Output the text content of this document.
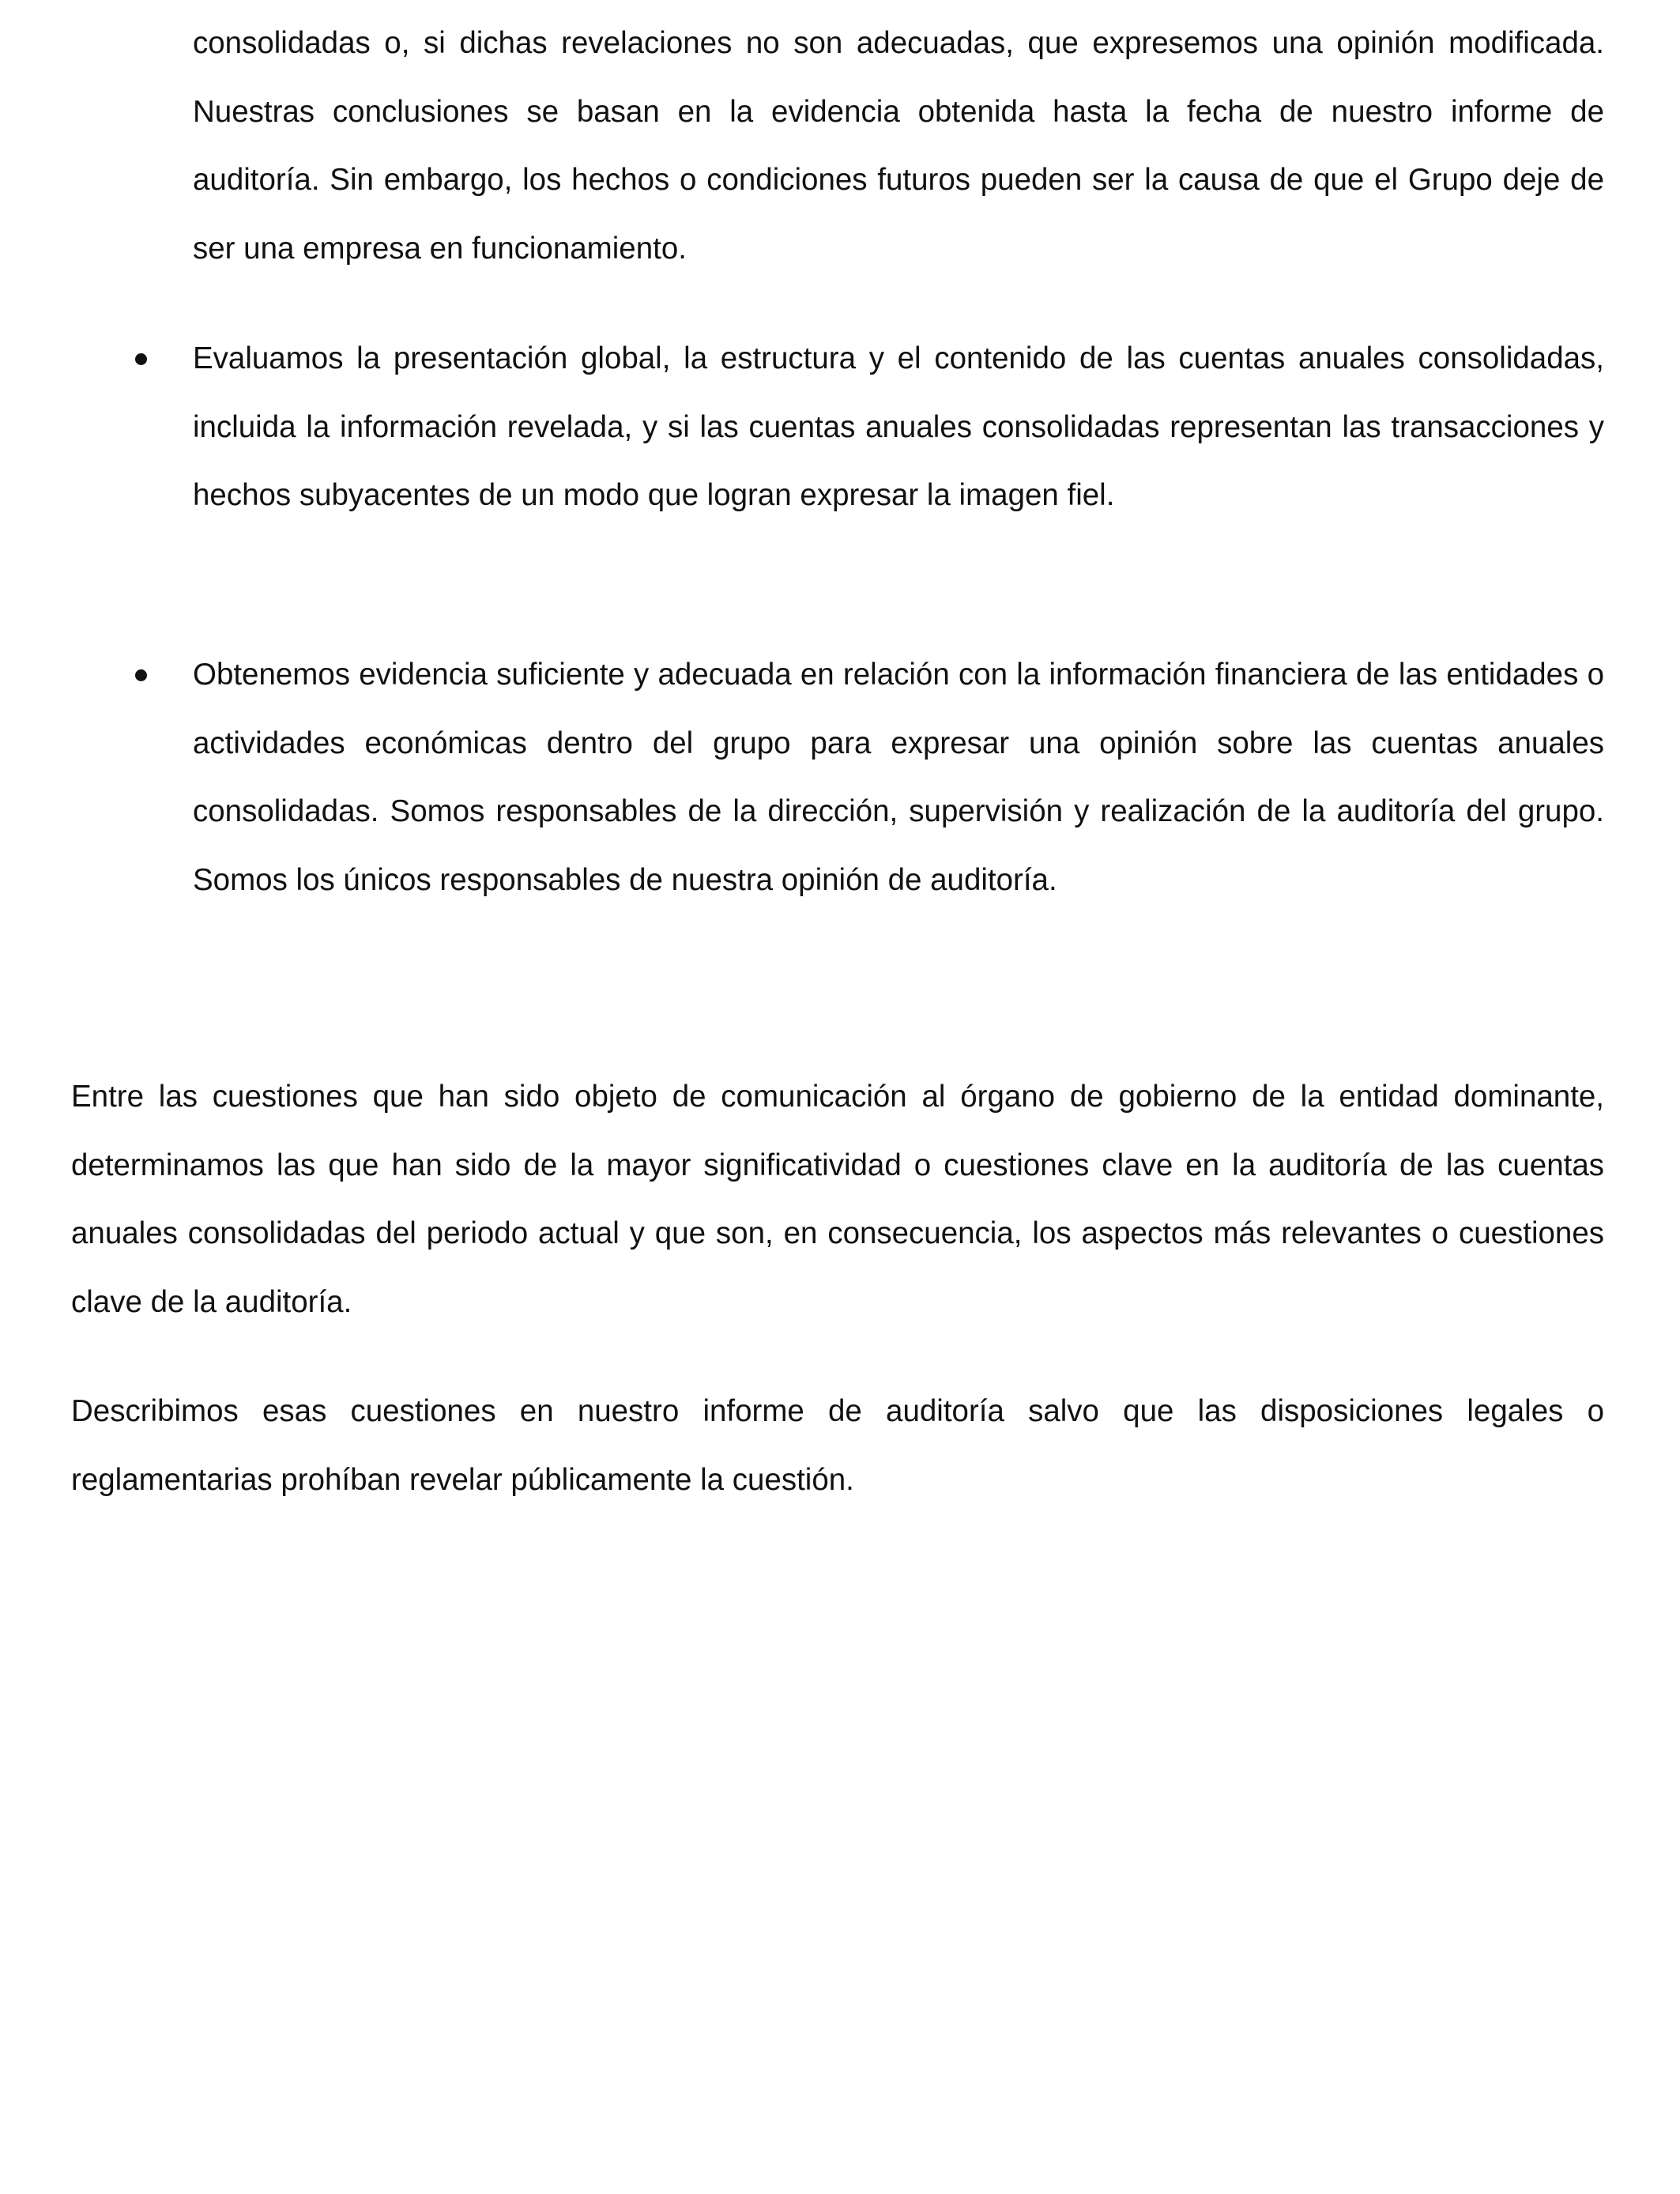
consolidadas o, si dichas revelaciones no son adecuadas, que expresemos una opinión modificada. Nuestras conclusiones se basan en la evidencia obtenida hasta la fecha de nuestro informe de auditoría. Sin embargo, los hechos o condiciones futuros pueden ser la causa de que el Grupo deje de ser una empresa en funcionamiento.

Evaluamos la presentación global, la estructura y el contenido de las cuentas anuales consolidadas, incluida la información revelada, y si las cuentas anuales consolidadas representan las transacciones y hechos subyacentes de un modo que logran expresar la imagen fiel.

Obtenemos evidencia suficiente y adecuada en relación con la información financiera de las entidades o actividades económicas dentro del grupo para expresar una opinión sobre las cuentas anuales consolidadas. Somos responsables de la dirección, supervisión y realización de la auditoría del grupo. Somos los únicos responsables de nuestra opinión de auditoría.

Entre las cuestiones que han sido objeto de comunicación al órgano de gobierno de la entidad dominante, determinamos las que han sido de la mayor significatividad o cuestiones clave en la auditoría de las cuentas anuales consolidadas del periodo actual y que son, en consecuencia, los aspectos más relevantes o cuestiones clave de la auditoría.

Describimos esas cuestiones en nuestro informe de auditoría salvo que las disposiciones legales o reglamentarias prohíban revelar públicamente la cuestión.
